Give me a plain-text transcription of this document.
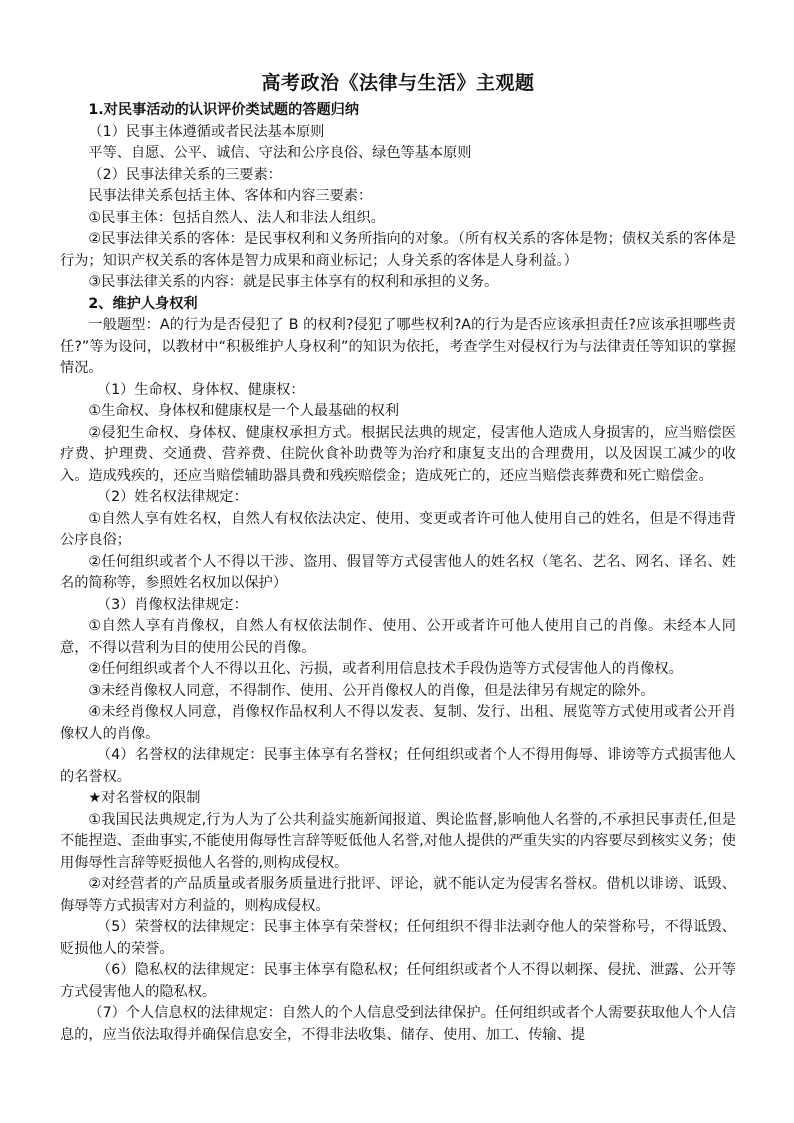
高考政治《法律与生活》主观题

1.对民事活动的认识评价类试题的答题归纳

（1）民事主体遵循或者民法基本原则

平等、自愿、公平、诚信、守法和公序良俗、绿色等基本原则

（2）民事法律关系的三要素：

民事法律关系包括主体、客体和内容三要素：

①民事主体：包括自然人、法人和非法人组织。

②民事法律关系的客体：是民事权利和义务所指向的对象。（所有权关系的客体是物；债权关系的客体是行为；知识产权关系的客体是智力成果和商业标记；人身关系的客体是人身利益。）

③民事法律关系的内容：就是民事主体享有的权利和承担的义务。

2、维护人身权利

一般题型：A的行为是否侵犯了 B 的权利?侵犯了哪些权利?A的行为是否应该承担责任?应该承担哪些责任?”等为设问，以教材中“积极维护人身权利”的知识为依托，考查学生对侵权行为与法律责任等知识的掌握情况。

（1）生命权、身体权、健康权：

①生命权、身体权和健康权是一个人最基础的权利

②侵犯生命权、身体权、健康权承担方式。根据民法典的规定，侵害他人造成人身损害的，应当赔偿医疗费、护理费、交通费、营养费、住院伙食补助费等为治疗和康复支出的合理费用，以及因误工减少的收入。造成残疾的，还应当赔偿辅助器具费和残疾赔偿金；造成死亡的，还应当赔偿丧葬费和死亡赔偿金。

（2）姓名权法律规定：

①自然人享有姓名权，自然人有权依法决定、使用、变更或者许可他人使用自己的姓名，但是不得违背公序良俗；

②任何组织或者个人不得以干涉、盗用、假冒等方式侵害他人的姓名权（笔名、艺名、网名、译名、姓名的简称等，参照姓名权加以保护）

（3）肖像权法律规定：

①自然人享有肖像权，自然人有权依法制作、使用、公开或者许可他人使用自己的肖像。未经本人同意，不得以营利为目的使用公民的肖像。

②任何组织或者个人不得以丑化、污损，或者利用信息技术手段伪造等方式侵害他人的肖像权。

③未经肖像权人同意，不得制作、使用、公开肖像权人的肖像，但是法律另有规定的除外。

④未经肖像权人同意，肖像权作品权利人不得以发表、复制、发行、出租、展览等方式使用或者公开肖像权人的肖像。

（4）名誉权的法律规定：民事主体享有名誉权；任何组织或者个人不得用侮辱、诽谤等方式损害他人的名誉权。

★对名誉权的限制

①我国民法典规定,行为人为了公共利益实施新闻报道、舆论监督,影响他人名誉的,不承担民事责任,但是不能捏造、歪曲事实,不能使用侮辱性言辞等贬低他人名誉,对他人提供的严重失实的内容要尽到核实义务；使用侮辱性言辞等贬损他人名誉的,则构成侵权。

②对经营者的产品质量或者服务质量进行批评、评论，就不能认定为侵害名誉权。借机以诽谤、诋毁、侮辱等方式损害对方利益的，则构成侵权。

（5）荣誉权的法律规定：民事主体享有荣誉权；任何组织不得非法剥夺他人的荣誉称号，不得诋毁、贬损他人的荣誉。

（6）隐私权的法律规定：民事主体享有隐私权；任何组织或者个人不得以刺探、侵扰、泄露、公开等方式侵害他人的隐私权。

（7）个人信息权的法律规定：自然人的个人信息受到法律保护。任何组织或者个人需要获取他人个人信息的，应当依法取得并确保信息安全，不得非法收集、储存、使用、加工、传输、提
